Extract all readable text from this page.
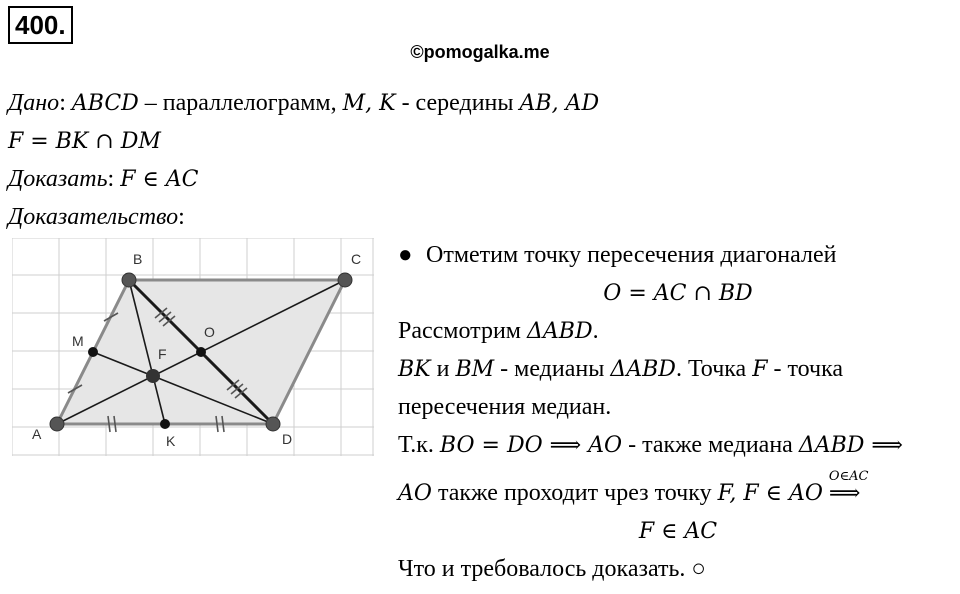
400.
©pomogalka.me
Дано: ABCD – параллелограмм, M, K - середины AB, AD
F = BK ∩ DM
Доказать: F ∈ AC
Доказательство:
A
B	C
D
M
K
F
O
● Отметим точку пересечения диагоналей
O = AC ∩ BD
Рассмотрим ΔABD.
BK и BM - медианы ΔABD. Точка F - точка
пересечения медиан.
Т.к. BO = DO ⟹ AO - также медиана ΔABD ⟹
AO также проходит чрез точку F, F ∈ AO
O∈AC
⟹
F ∈ AC
Что и требовалось доказать. ○
